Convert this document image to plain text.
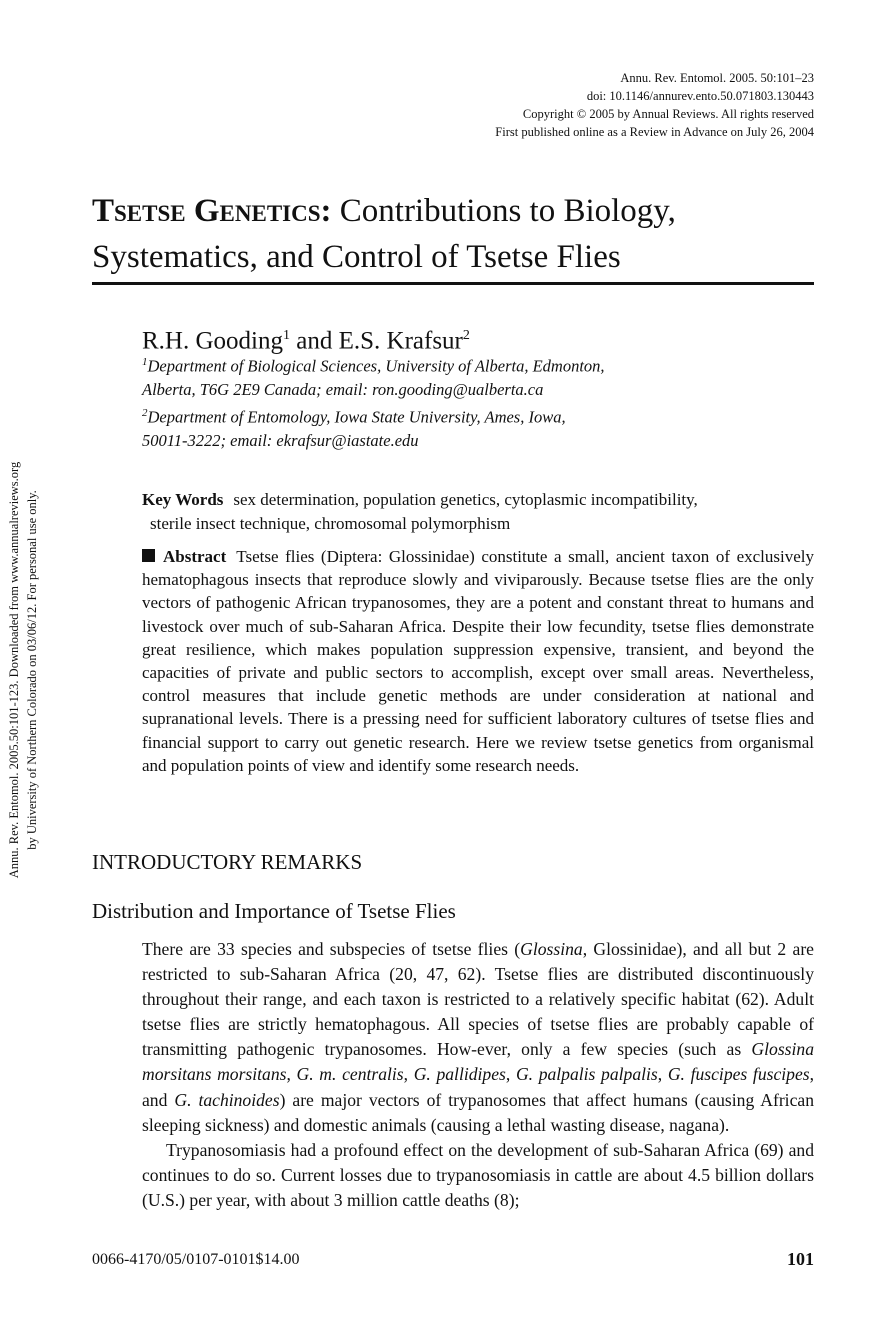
Annu. Rev. Entomol. 2005. 50:101–23
doi: 10.1146/annurev.ento.50.071803.130443
Copyright © 2005 by Annual Reviews. All rights reserved
First published online as a Review in Advance on July 26, 2004
Annu. Rev. Entomol. 2005.50:101-123. Downloaded from www.annualreviews.org by University of Northern Colorado on 03/06/12. For personal use only.
Tsetse Genetics: Contributions to Biology,
Systematics, and Control of Tsetse Flies
R.H. Gooding$^1$ and E.S. Krafsur$^2$
$^1$Department of Biological Sciences, University of Alberta, Edmonton,
Alberta, T6G 2E9 Canada; email: ron.gooding@ualberta.ca
$^2$Department of Entomology, Iowa State University, Ames, Iowa,
50011-3222; email: ekrafsur@iastate.edu
Key Words sex determination, population genetics, cytoplasmic incompatibility,
sterile insect technique, chromosomal polymorphism
Abstract Tsetse flies (Diptera: Glossinidae) constitute a small, ancient taxon of exclusively hematophagous insects that reproduce slowly and viviparously. Because tsetse flies are the only vectors of pathogenic African trypanosomes, they are a potent and constant threat to humans and livestock over much of sub-Saharan Africa. Despite their low fecundity, tsetse flies demonstrate great resilience, which makes population suppression expensive, transient, and beyond the capacities of private and public sectors to accomplish, except over small areas. Nevertheless, control measures that include genetic methods are under consideration at national and supranational levels. There is a pressing need for sufficient laboratory cultures of tsetse flies and financial support to carry out genetic research. Here we review tsetse genetics from organismal and population points of view and identify some research needs.
INTRODUCTORY REMARKS
Distribution and Importance of Tsetse Flies

There are 33 species and subspecies of tsetse flies (Glossina, Glossinidae), and all but 2 are restricted to sub-Saharan Africa (20, 47, 62). Tsetse flies are distributed discontinuously throughout their range, and each taxon is restricted to a relatively specific habitat (62). Adult tsetse flies are strictly hematophagous. All species of tsetse flies are probably capable of transmitting pathogenic trypanosomes. How-ever, only a few species (such as Glossina morsitans morsitans, G. m. centralis, G. pallidipes, G. palpalis palpalis, G. fuscipes fuscipes, and G. tachinoides) are major vectors of trypanosomes that affect humans (causing African sleeping sickness) and domestic animals (causing a lethal wasting disease, nagana).

Trypanosomiasis had a profound effect on the development of sub-Saharan Africa (69) and continues to do so. Current losses due to trypanosomiasis in cattle are about 4.5 billion dollars (U.S.) per year, with about 3 million cattle deaths (8);

0066-4170/05/0107-0101$14.00	101
